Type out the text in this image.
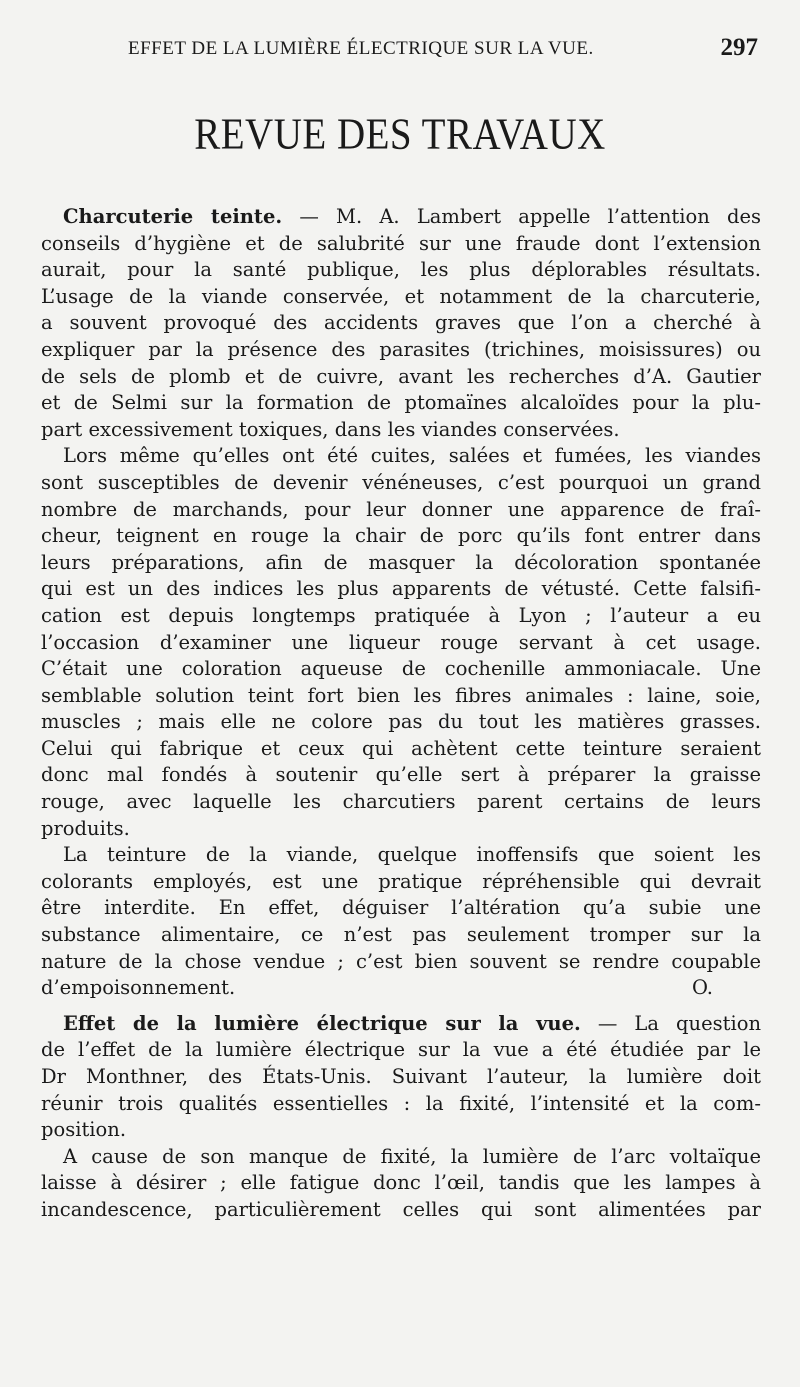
EFFET DE LA LUMIÈRE ÉLECTRIQUE SUR LA VUE.	297
REVUE DES TRAVAUX
Charcuterie teinte. — M. A. Lambert appelle l’attention des
conseils d’hygiène et de salubrité sur une fraude dont l’extension
aurait, pour la santé publique, les plus déplorables résultats.
L’usage de la viande conservée, et notamment de la charcuterie,
a souvent provoqué des accidents graves que l’on a cherché à
expliquer par la présence des parasites (trichines, moisissures) ou
de sels de plomb et de cuivre, avant les recherches d’A. Gautier
et de Selmi sur la formation de ptomaïnes alcaloïdes pour la plu-
part excessivement toxiques, dans les viandes conservées.
Lors même qu’elles ont été cuites, salées et fumées, les viandes
sont susceptibles de devenir vénéneuses, c’est pourquoi un grand
nombre de marchands, pour leur donner une apparence de fraî-
cheur, teignent en rouge la chair de porc qu’ils font entrer dans
leurs préparations, afin de masquer la décoloration spontanée
qui est un des indices les plus apparents de vétusté. Cette falsifi-
cation est depuis longtemps pratiquée à Lyon ; l’auteur a eu
l’occasion d’examiner une liqueur rouge servant à cet usage.
C’était une coloration aqueuse de cochenille ammoniacale. Une
semblable solution teint fort bien les fibres animales : laine, soie,
muscles ; mais elle ne colore pas du tout les matières grasses.
Celui qui fabrique et ceux qui achètent cette teinture seraient
donc mal fondés à soutenir qu’elle sert à préparer la graisse
rouge, avec laquelle les charcutiers parent certains de leurs
produits.
La teinture de la viande, quelque inoffensifs que soient les
colorants employés, est une pratique répréhensible qui devrait
être interdite. En effet, déguiser l’altération qu’a subie une
substance alimentaire, ce n’est pas seulement tromper sur la
nature de la chose vendue ; c’est bien souvent se rendre coupable
d’empoisonnement.	O.
Effet de la lumière électrique sur la vue. — La question
de l’effet de la lumière électrique sur la vue a été étudiée par le
Dr Monthner, des États-Unis. Suivant l’auteur, la lumière doit
réunir trois qualités essentielles : la fixité, l’intensité et la com-
position.
A cause de son manque de fixité, la lumière de l’arc voltaïque
laisse à désirer ; elle fatigue donc l’œil, tandis que les lampes à
incandescence, particulièrement celles qui sont alimentées par
